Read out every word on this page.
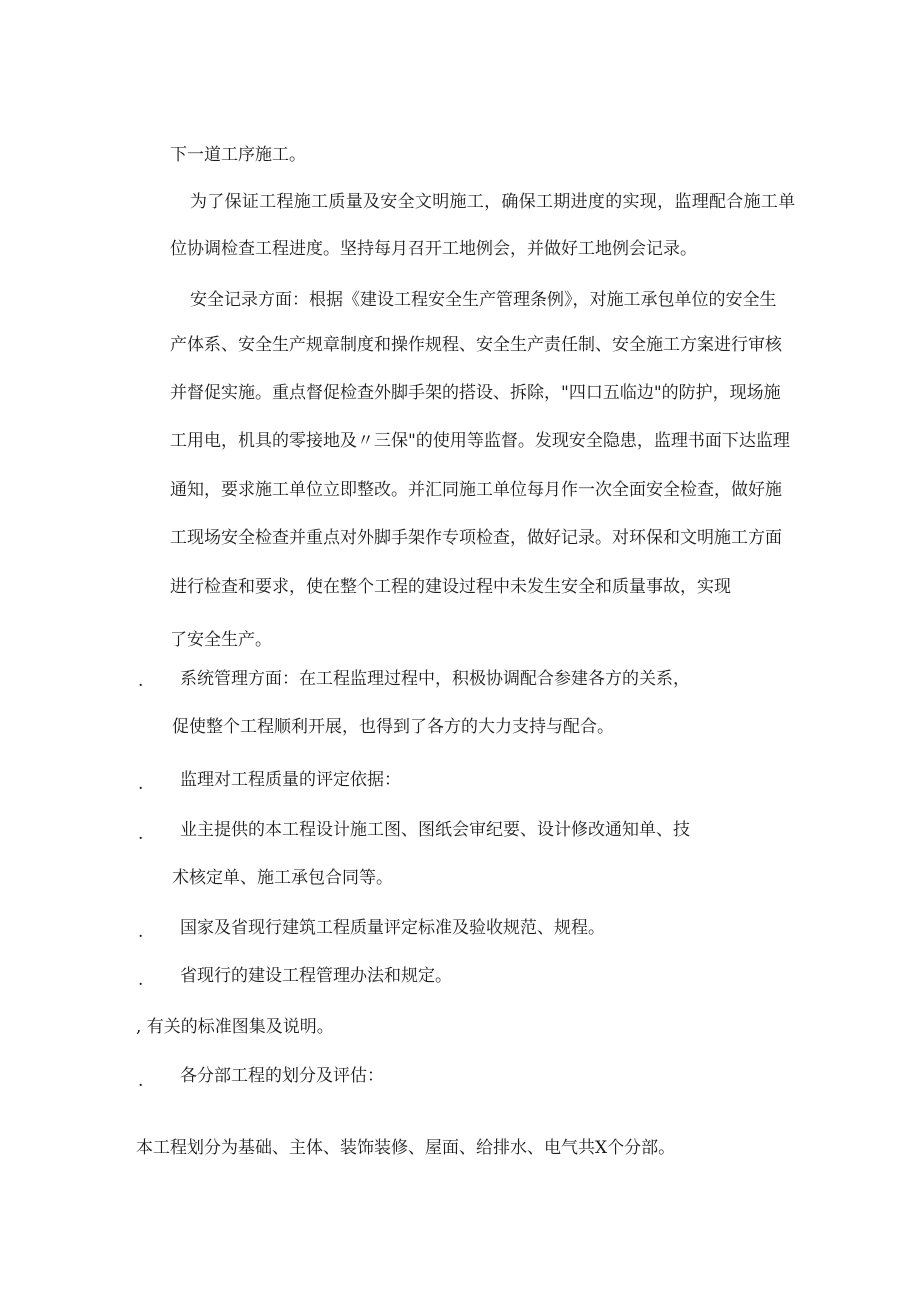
下一道工序施工。
为了保证工程施工质量及安全文明施工，确保工期进度的实现，监理配合施工单
位协调检查工程进度。坚持每月召开工地例会，并做好工地例会记录。
安全记录方面：根据《建设工程安全生产管理条例》，对施工承包单位的安全生
产体系、安全生产规章制度和操作规程、安全生产责任制、安全施工方案进行审核
并督促实施。重点督促检查外脚手架的搭设、拆除，"四口五临边"的防护，现场施
工用电，机具的零接地及〃三保"的使用等监督。发现安全隐患，监理书面下达监理
通知，要求施工单位立即整改。并汇同施工单位每月作一次全面安全检查，做好施
工现场安全检查并重点对外脚手架作专项检查，做好记录。对环保和文明施工方面
进行检查和要求，使在整个工程的建设过程中未发生安全和质量事故，实现
了安全生产。
. 系统管理方面：在工程监理过程中，积极协调配合参建各方的关系，
促使整个工程顺利开展，也得到了各方的大力支持与配合。
. 监理对工程质量的评定依据：
. 业主提供的本工程设计施工图、图纸会审纪要、设计修改通知单、技
术核定单、施工承包合同等。
. 国家及省现行建筑工程质量评定标准及验收规范、规程。
. 省现行的建设工程管理办法和规定。
, 有关的标准图集及说明。
. 各分部工程的划分及评估：
本工程划分为基础、主体、装饰装修、屋面、给排水、电气共X个分部。
